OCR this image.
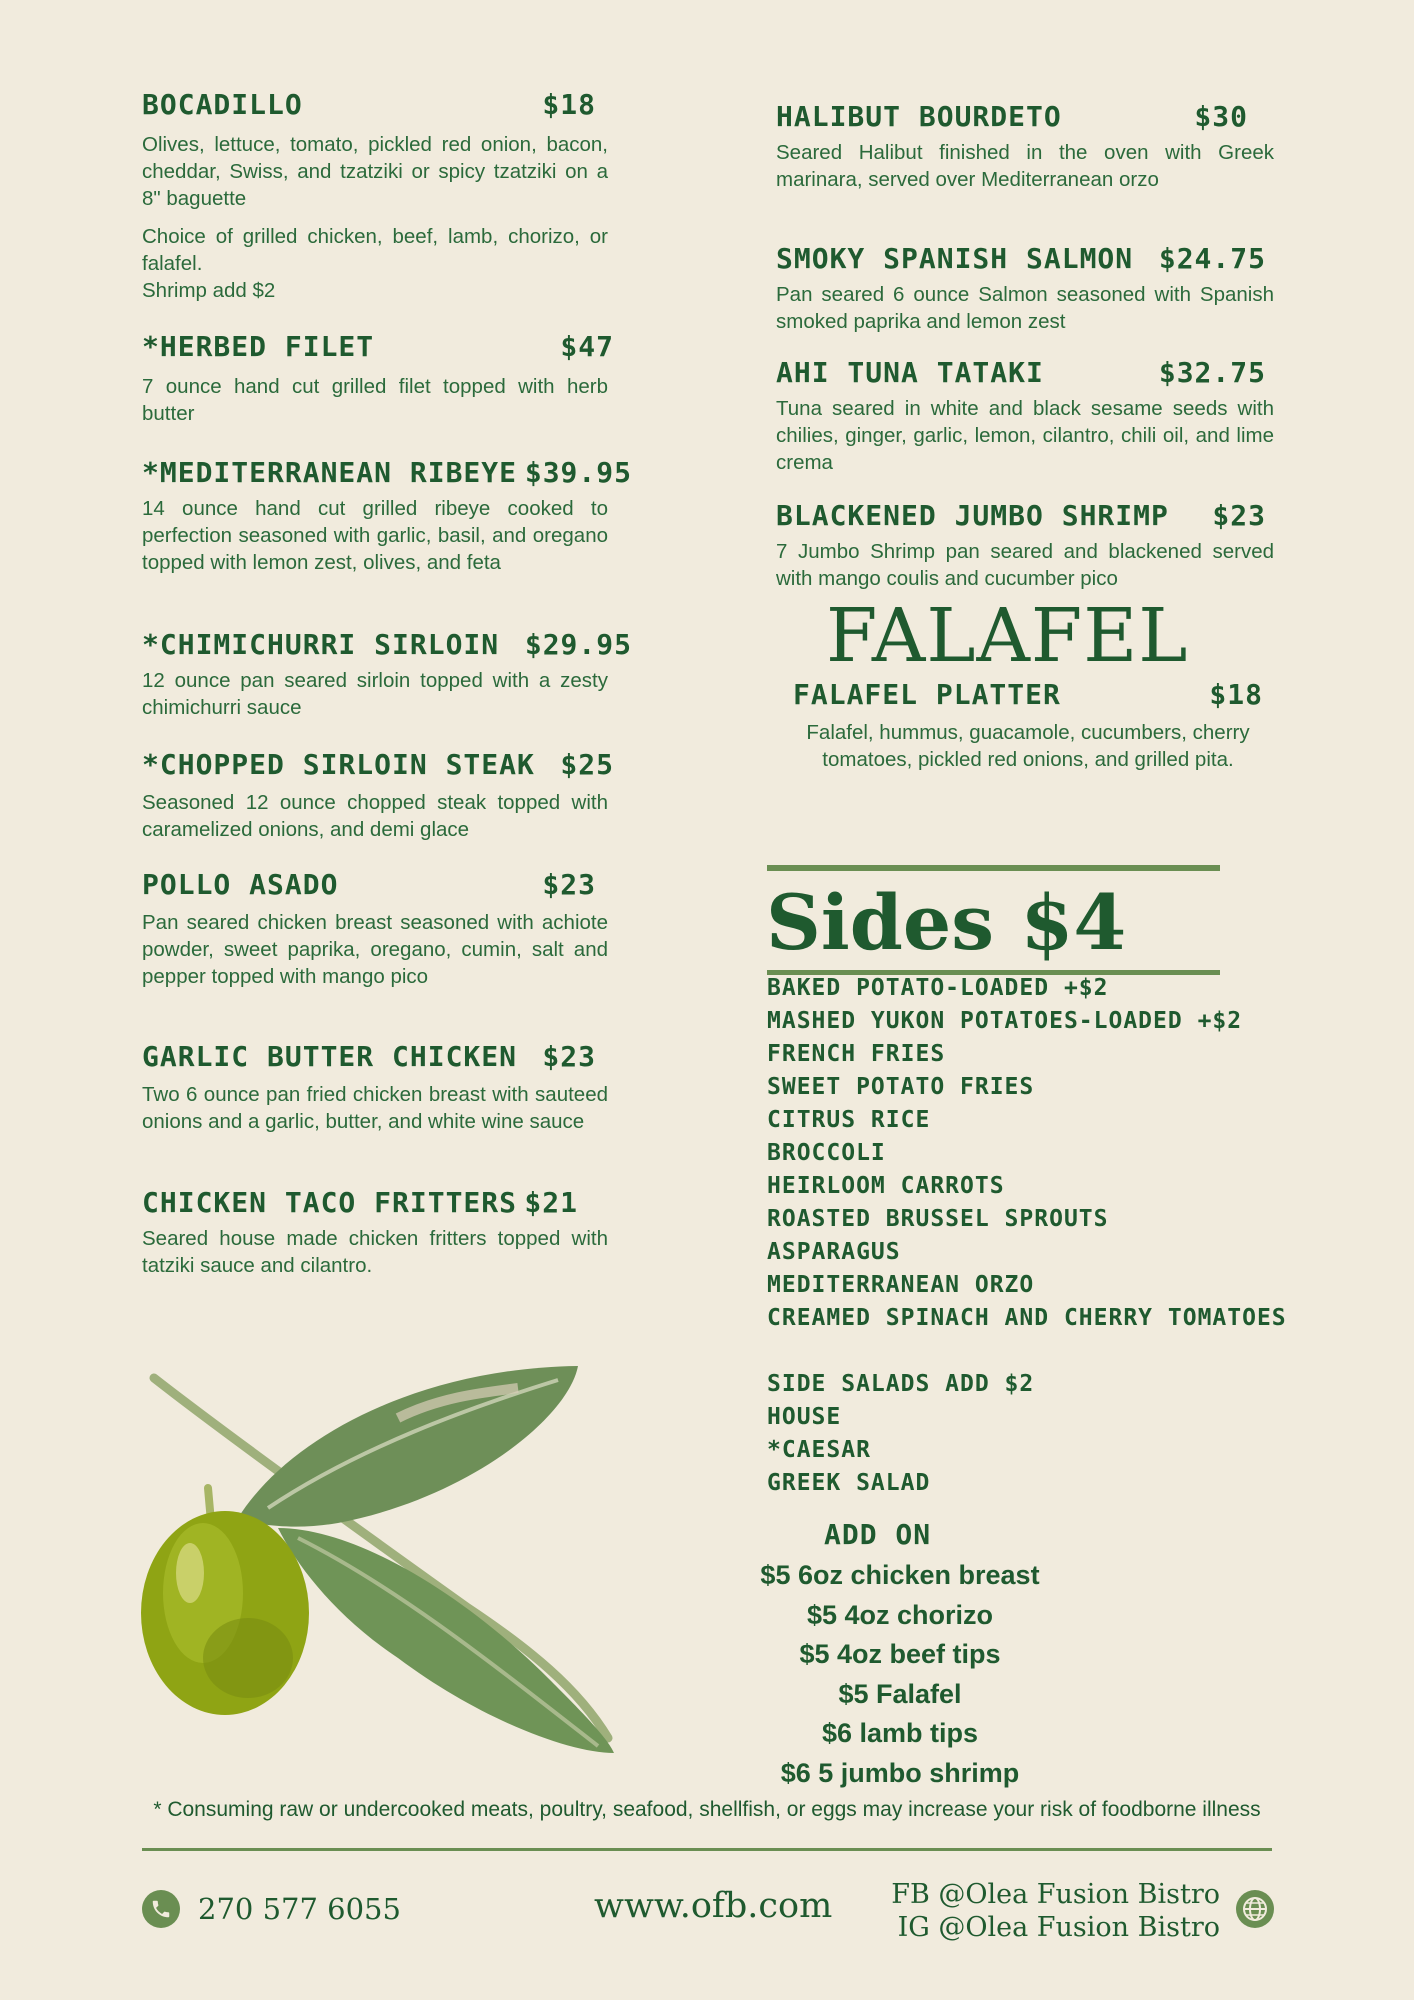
BOCADILLO	$18

Olives, lettuce, tomato, pickled red onion, bacon, cheddar, Swiss, and tzatziki or spicy tzatziki on a 8" baguette

Choice of grilled chicken, beef, lamb, chorizo, or falafel.

Shrimp add $2

*HERBED FILET	$47

7 ounce hand cut grilled filet topped with herb butter

*MEDITERRANEAN RIBEYE $39.95

14 ounce hand cut grilled ribeye cooked to perfection seasoned with garlic, basil, and oregano topped with lemon zest, olives, and feta

*CHIMICHURRI SIRLOIN $29.95

12 ounce pan seared sirloin topped with a zesty chimichurri sauce

*CHOPPED SIRLOIN STEAK $25

Seasoned 12 ounce chopped steak topped with caramelized onions, and demi glace

POLLO ASADO	$23

Pan seared chicken breast seasoned with achiote powder, sweet paprika, oregano, cumin, salt and pepper topped with mango pico

GARLIC BUTTER CHICKEN $23

Two 6 ounce pan fried chicken breast with sauteed onions and a garlic, butter, and white wine sauce

CHICKEN TACO FRITTERS $21

Seared house made chicken fritters topped with tatziki sauce and cilantro.

HALIBUT BOURDETO	$30

Seared Halibut finished in the oven with Greek marinara, served over Mediterranean orzo

SMOKY SPANISH SALMON $24.75

Pan seared 6 ounce Salmon seasoned with Spanish smoked paprika and lemon zest

AHI TUNA TATAKI	$32.75

Tuna seared in white and black sesame seeds with chilies, ginger, garlic, lemon, cilantro, chili oil, and lime crema

BLACKENED JUMBO SHRIMP $23

7 Jumbo Shrimp pan seared and blackened served with mango coulis and cucumber pico

FALAFEL
FALAFEL PLATTER	$18

Falafel, hummus, guacamole, cucumbers, cherry tomatoes, pickled red onions, and grilled pita.

Sides $4
BAKED POTATO-LOADED +$2
MASHED YUKON POTATOES-LOADED +$2
FRENCH FRIES
SWEET POTATO FRIES
CITRUS RICE
BROCCOLI
HEIRLOOM CARROTS
ROASTED BRUSSEL SPROUTS
ASPARAGUS
MEDITERRANEAN ORZO
CREAMED SPINACH AND CHERRY TOMATOES
SIDE SALADS ADD $2
HOUSE
*CAESAR
GREEK SALAD
ADD ON
$5 6oz chicken breast
$5 4oz chorizo
$5 4oz beef tips
$5 Falafel
$6 lamb tips
$6 5 jumbo shrimp
* Consuming raw or undercooked meats, poultry, seafood, shellfish, or eggs may increase your risk of foodborne illness
270 577 6055	www.ofb.com	FB @Olea Fusion Bistro
IG @Olea Fusion Bistro
